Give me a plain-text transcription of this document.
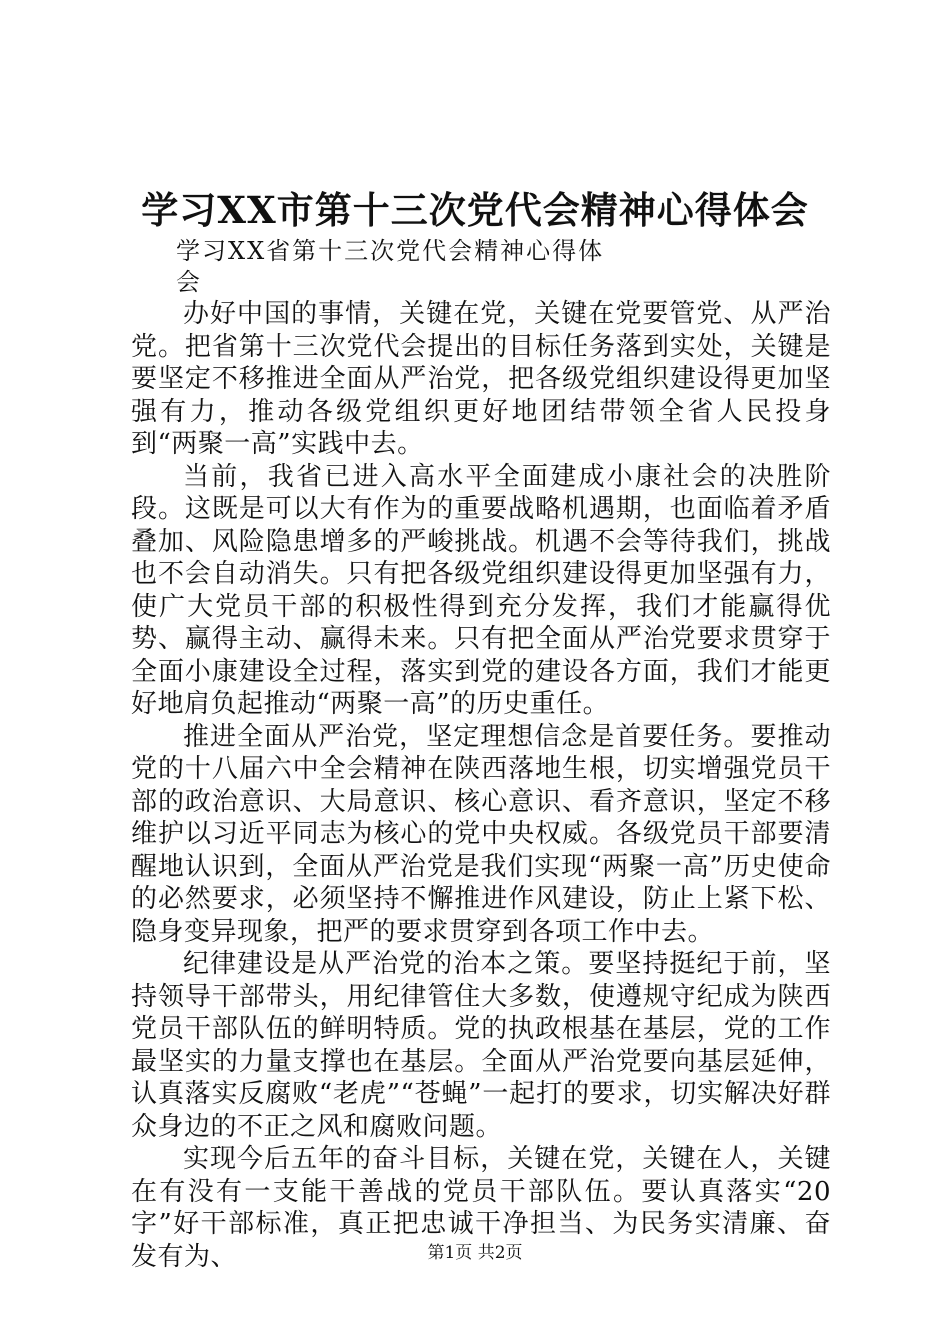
学习XX市第十三次党代会精神心得体会

学习XX省第十三次党代会精神心得体会

办好中国的事情，关键在党，关键在党要管党、从严治党。把省第十三次党代会提出的目标任务落到实处，关键是要坚定不移推进全面从严治党，把各级党组织建设得更加坚强有力，推动各级党组织更好地团结带领全省人民投身到“两聚一高”实践中去。

当前，我省已进入高水平全面建成小康社会的决胜阶段。这既是可以大有作为的重要战略机遇期，也面临着矛盾叠加、风险隐患增多的严峻挑战。机遇不会等待我们，挑战也不会自动消失。只有把各级党组织建设得更加坚强有力，使广大党员干部的积极性得到充分发挥，我们才能赢得优势、赢得主动、赢得未来。只有把全面从严治党要求贯穿于全面小康建设全过程，落实到党的建设各方面，我们才能更好地肩负起推动“两聚一高”的历史重任。

推进全面从严治党，坚定理想信念是首要任务。要推动党的十八届六中全会精神在陕西落地生根，切实增强党员干部的政治意识、大局意识、核心意识、看齐意识，坚定不移维护以习近平同志为核心的党中央权威。各级党员干部要清醒地认识到，全面从严治党是我们实现“两聚一高”历史使命的必然要求，必须坚持不懈推进作风建设，防止上紧下松、隐身变异现象，把严的要求贯穿到各项工作中去。

纪律建设是从严治党的治本之策。要坚持挺纪于前，坚持领导干部带头，用纪律管住大多数，使遵规守纪成为陕西党员干部队伍的鲜明特质。党的执政根基在基层，党的工作最坚实的力量支撑也在基层。全面从严治党要向基层延伸，认真落实反腐败“老虎”“苍蝇”一起打的要求，切实解决好群众身边的不正之风和腐败问题。

实现今后五年的奋斗目标，关键在党，关键在人，关键在有没有一支能干善战的党员干部队伍。要认真落实“20字”好干部标准，真正把忠诚干净担当、为民务实清廉、奋发有为、	第1页 共2页
